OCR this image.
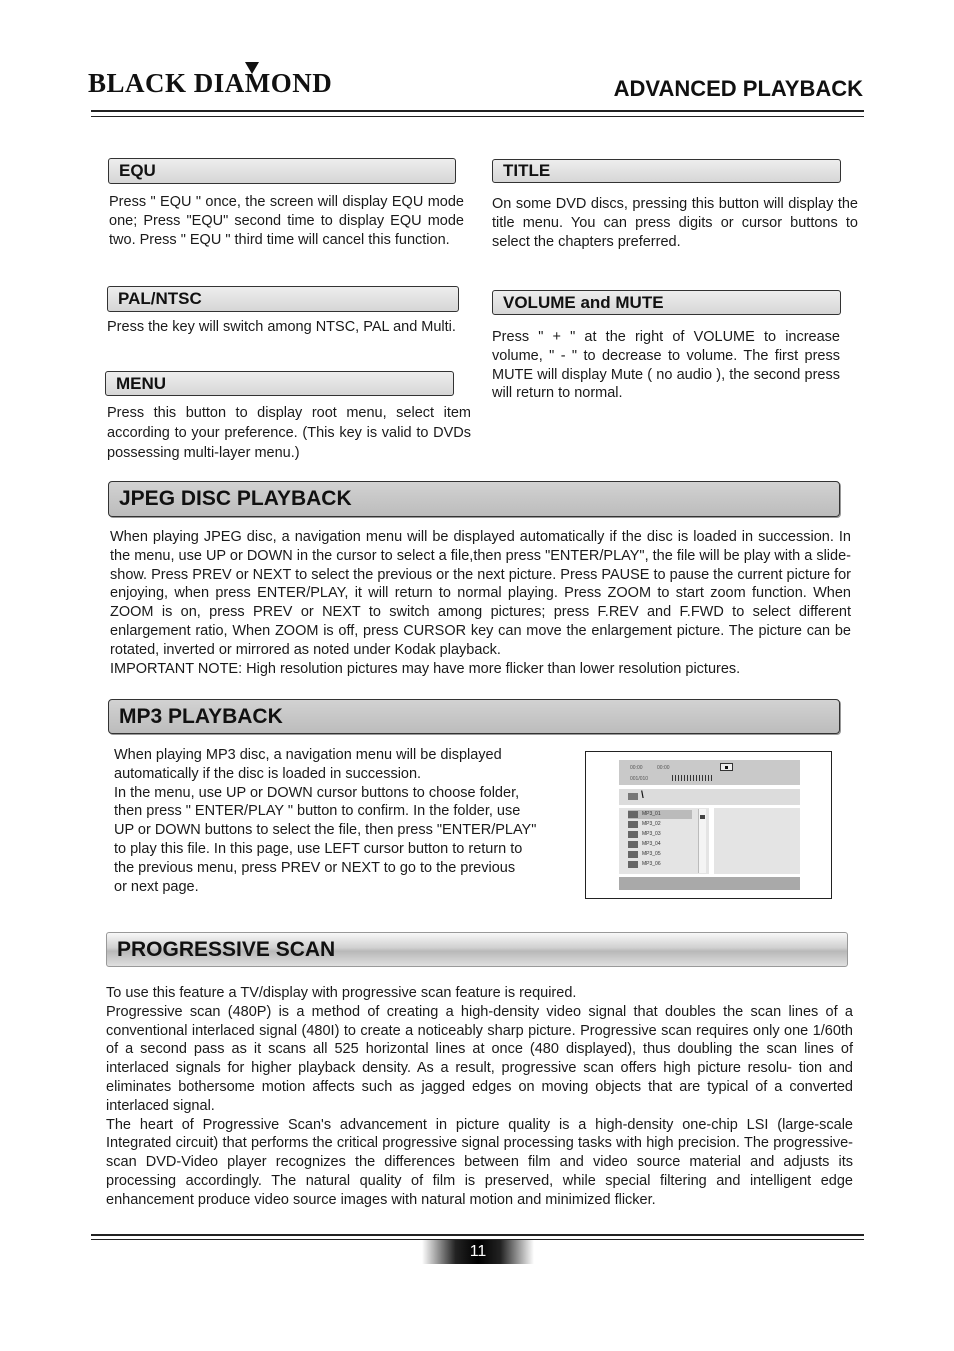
BLACK DIAMOND	ADVANCED PLAYBACK
EQU

Press " EQU " once, the screen will display EQU mode one; Press "EQU" second time to display EQU mode two. Press " EQU " third time will cancel this function.

PAL/NTSC

Press the key will switch among NTSC, PAL and Multi.

MENU

Press this button to display root menu, select item according to your preference. (This key is valid to DVDs possessing multi-layer menu.)

TITLE

On some DVD discs, pressing this button will display the title menu. You can press digits or cursor buttons to select the chapters preferred.

VOLUME and MUTE

Press " + " at the right of VOLUME to increase volume, " - " to decrease to volume. The first press MUTE will display Mute ( no audio ), the second press will return to normal.

JPEG DISC PLAYBACK

When playing JPEG disc, a navigation menu will be displayed automatically if the disc is loaded in succession. In the menu, use UP or DOWN in the cursor to select a file,then press "ENTER/PLAY", the file will be play with a slide-show. Press PREV or NEXT to select the previous or the next picture. Press PAUSE to pause the current picture for enjoying, when press ENTER/PLAY, it will return to normal playing. Press ZOOM to start zoom function. When ZOOM is on, press PREV or NEXT to switch among pictures; press F.REV and F.FWD to select different enlargement ratio, When ZOOM is off, press CURSOR key can move the enlargement picture. The picture can be rotated, inverted or mirrored as noted under Kodak playback.

IMPORTANT NOTE: High resolution pictures may have more flicker than lower resolution pictures.

MP3 PLAYBACK
When playing MP3 disc, a navigation menu will be displayed
automatically if the disc is loaded in succession.
In the menu, use UP or DOWN cursor buttons to choose folder,
then press " ENTER/PLAY " button to confirm. In the folder, use
UP or DOWN buttons to select the file, then press "ENTER/PLAY"
to play this file. In this page, use LEFT cursor button to return to
the previous menu, press PREV or NEXT to go to the previous
or next page.
00:00	00:00
001/010
\
MP3_01
MP3_02
MP3_03
MP3_04
MP3_05
MP3_06
PROGRESSIVE SCAN

To use this feature a TV/display with progressive scan feature is required.

Progressive scan (480P) is a method of creating a high-density video signal that doubles the scan lines of a conventional interlaced signal (480I) to create a noticeably sharp picture. Progressive scan requires only one 1/60th of a second pass as it scans all 525 horizontal lines at once (480 displayed), thus doubling the scan lines of interlaced signals for higher playback density. As a result, progressive scan offers high picture resolu- tion and eliminates bothersome motion affects such as jagged edges on moving objects that are typical of a converted interlaced signal.

The heart of Progressive Scan's advancement in picture quality is a high-density one-chip LSI (large-scale Integrated circuit) that performs the critical progressive signal processing tasks with high precision. The progressive-scan DVD-Video player recognizes the differences between film and video source material and adjusts its processing accordingly. The natural quality of film is preserved, while special filtering and intelligent edge enhancement produce video source images with natural motion and minimized flicker.

11
